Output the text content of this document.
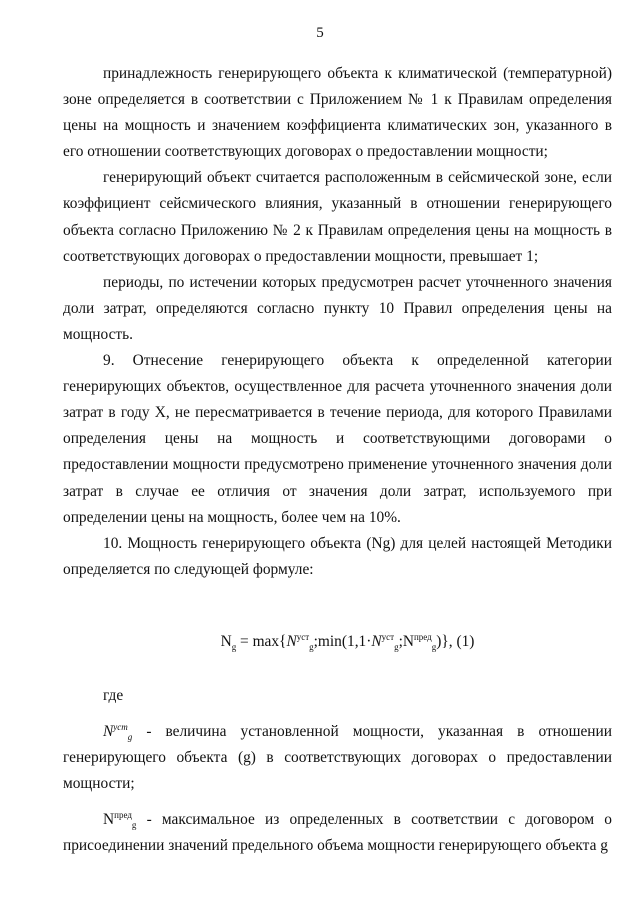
5

принадлежность генерирующего объекта к климатической (температурной) зоне определяется в соответствии с Приложением № 1 к Правилам определения цены на мощность и значением коэффициента климатических зон, указанного в его отношении соответствующих договорах о предоставлении мощности;

генерирующий объект считается расположенным в сейсмической зоне, если коэффициент сейсмического влияния, указанный в отношении генерирующего объекта согласно Приложению № 2 к Правилам определения цены на мощность в соответствующих договорах о предоставлении мощности, превышает 1;

периоды, по истечении которых предусмотрен расчет уточненного значения доли затрат, определяются согласно пункту 10 Правил определения цены на мощность.

9. Отнесение генерирующего объекта к определенной категории генерирующих объектов, осуществленное для расчета уточненного значения доли затрат в году X, не пересматривается в течение периода, для которого Правилами определения цены на мощность и соответствующими договорами о предоставлении мощности предусмотрено применение уточненного значения доли затрат в случае ее отличия от значения доли затрат, используемого при определении цены на мощность, более чем на 10%.

10. Мощность генерирующего объекта (Ng) для целей настоящей Методики определяется по следующей формуле:

$N_g$ = $\max\{N^{уст}_g;\min(1,1\cdot N^{уст}_g;N^{пред}_g)\}$, (1)

где

$N^{уст}_g$ - величина установленной мощности, указанная в отношении генерирующего объекта (g) в соответствующих договорах о предоставлении мощности;

$N^{пред}_g$ - максимальное из определенных в соответствии с договором о присоединении значений предельного объема мощности генерирующего объекта g
